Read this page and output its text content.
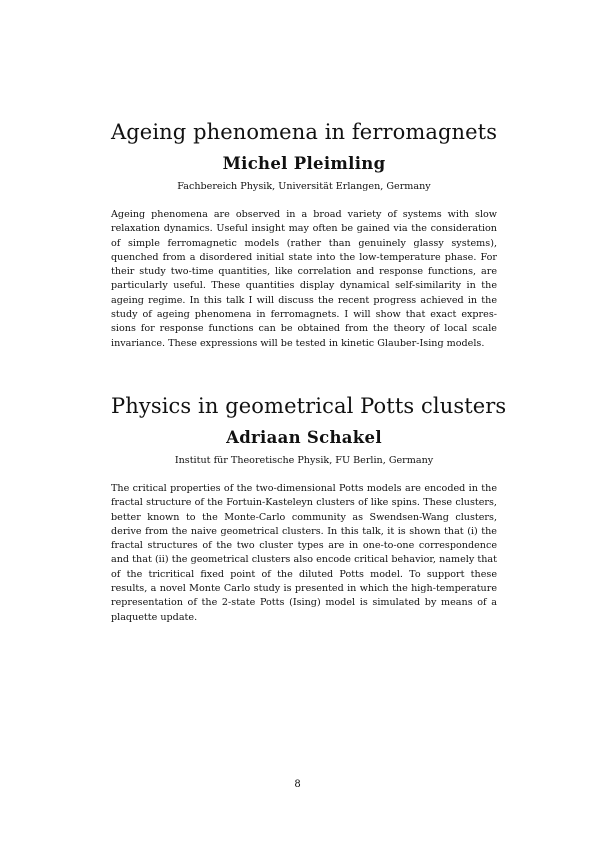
Ageing phenomena in ferromagnets
Michel Pleimling
Fachbereich Physik, Universität Erlangen, Germany

Ageing phenomena are observed in a broad variety of systems with slow relaxation dynamics. Useful insight may often be gained via the consideration of simple ferromagnetic models (rather than genuinely glassy systems), quenched from a disordered initial state into the low-temperature phase. For their study two-time quantities, like correlation and response functions, are particularly useful. These quantities display dynamical self-similarity in the ageing regime. In this talk I will discuss the recent progress achieved in the study of ageing phenomena in ferromagnets. I will show that exact expressions for response functions can be obtained from the theory of local scale invariance. These expressions will be tested in kinetic Glauber-Ising models.

Physics in geometrical Potts clusters
Adriaan Schakel
Institut für Theoretische Physik, FU Berlin, Germany

The critical properties of the two-dimensional Potts models are encoded in the fractal structure of the Fortuin-Kasteleyn clusters of like spins. These clusters, better known to the Monte-Carlo community as Swendsen-Wang clusters, derive from the naive geometrical clusters. In this talk, it is shown that (i) the fractal structures of the two cluster types are in one-to-one correspondence and that (ii) the geometrical clusters also encode critical behavior, namely that of the tricritical fixed point of the diluted Potts model. To support these results, a novel Monte Carlo study is presented in which the high-temperature representation of the 2-state Potts (Ising) model is simulated by means of a plaquette update.

8
